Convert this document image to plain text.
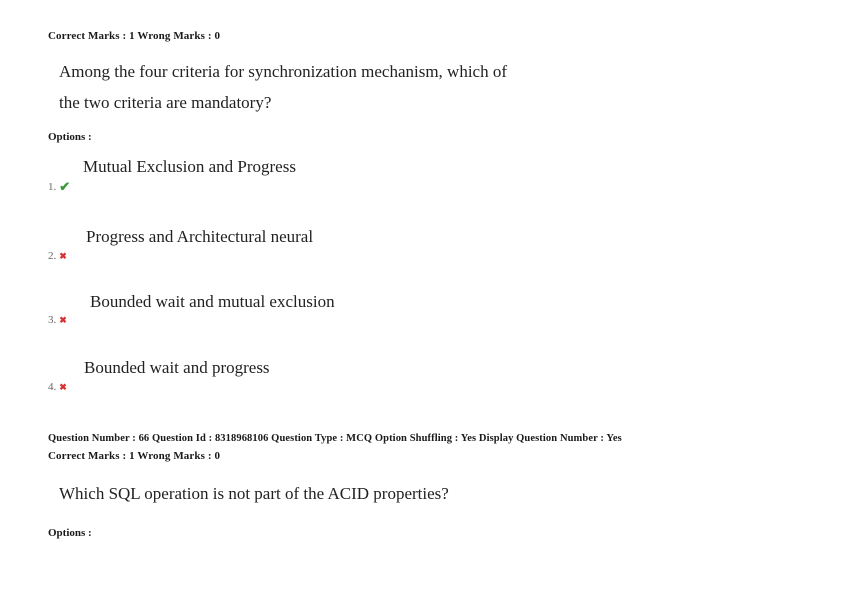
Correct Marks : 1 Wrong Marks : 0
Among the four criteria for synchronization mechanism, which of
the two criteria are mandatory?
Options :
Mutual Exclusion and Progress
1. ✔
Progress and Architectural neural
2. ✖
Bounded wait and mutual exclusion
3. ✖
Bounded wait and progress
4. ✖
Question Number : 66 Question Id : 8318968106 Question Type : MCQ Option Shuffling : Yes Display Question Number : Yes
Correct Marks : 1 Wrong Marks : 0
Which SQL operation is not part of the ACID properties?
Options :
